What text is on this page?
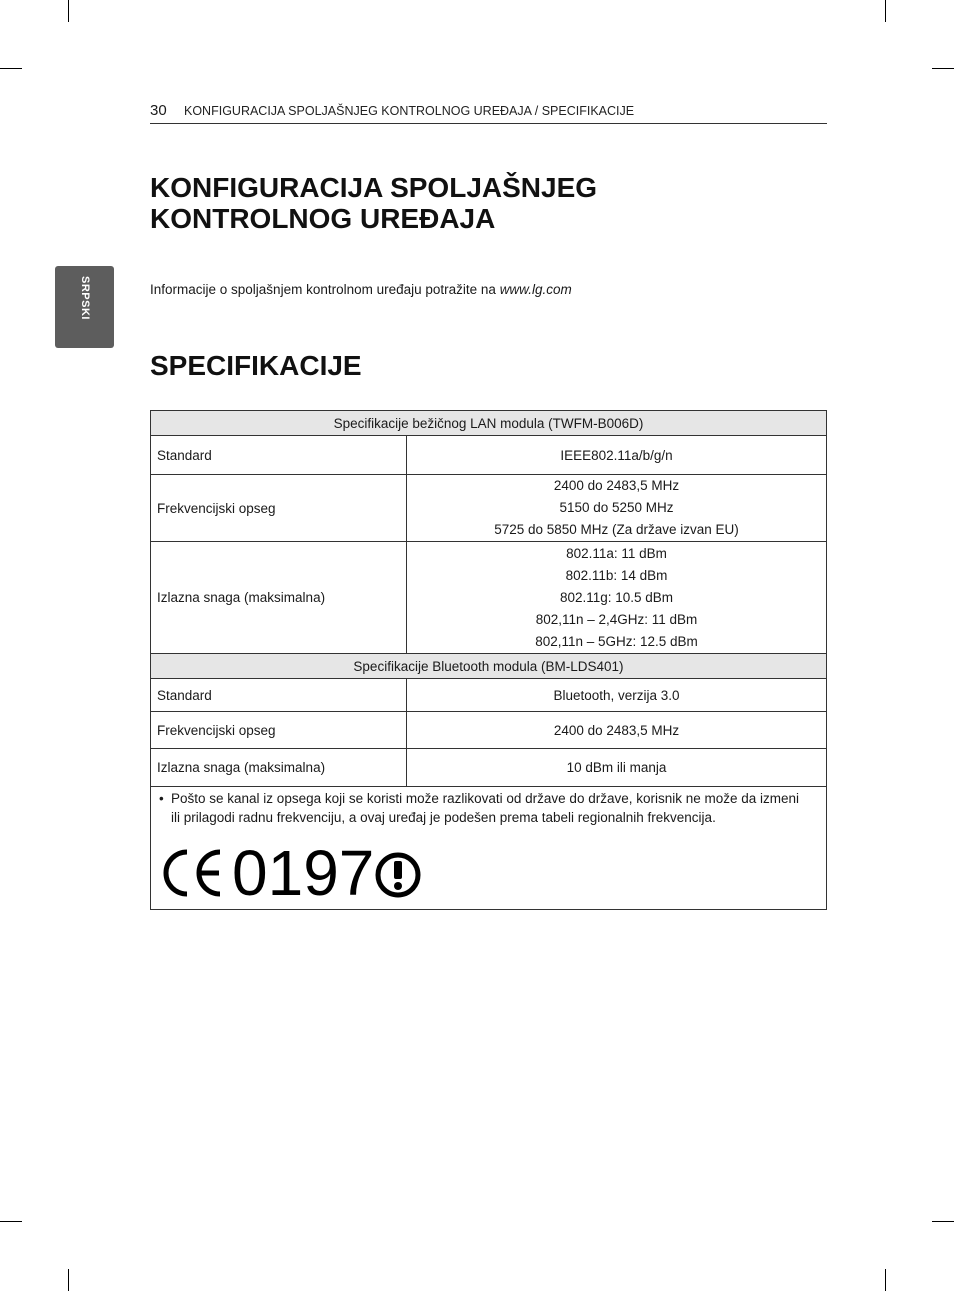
SRPSKI
30 KONFIGURACIJA SPOLJAŠNJEG KONTROLNOG UREĐAJA / SPECIFIKACIJE
KONFIGURACIJA SPOLJAŠNJEG
KONTROLNOG UREĐAJA

Informacije o spoljašnjem kontrolnom uređaju potražite na www.lg.com

SPECIFIKACIJE
Specifikacije bežičnog LAN modula (TWFM-B006D)	
Standard	IEEE802.11a/b/g/n
Frekvencijski opseg	2400 do 2483,5 MHz
5150 do 5250 MHz
5725 do 5850 MHz (Za države izvan EU)

Izlazna snaga (maksimalna)	802.11a: 11 dBm
802.11b: 14 dBm
802.11g: 10.5 dBm
802,11n – 2,4GHz: 11 dBm
802,11n – 5GHz: 12.5 dBm

Specifikacije Bluetooth modula (BM-LDS401)	
Standard	Bluetooth, verzija 3.0
Frekvencijski opseg	2400 do 2483,5 MHz
Izlazna snaga (maksimalna)	10 dBm ili manja

• Pošto se kanal iz opsega koji se koristi može razlikovati od države do države, korisnik ne može da izmeni ili prilagodi radnu frekvenciju, a ovaj uređaj je podešen prema tabeli regionalnih frekvencija.
0197	
